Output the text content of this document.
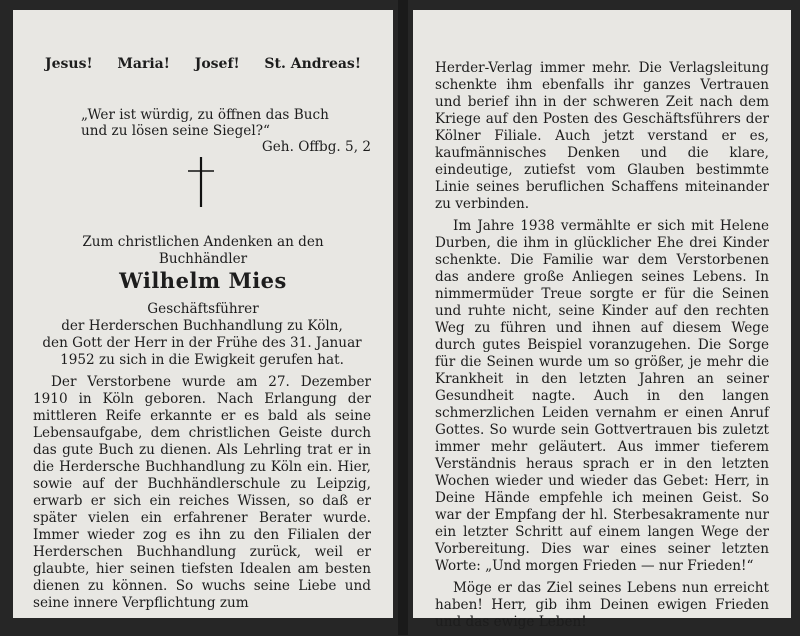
Jesus! Maria! Josef! St. Andreas!
„Wer ist würdig, zu öffnen das Buch
und zu lösen seine Siegel?“
Geh. Offbg. 5, 2
Zum christlichen Andenken an den
Buchhändler
Wilhelm Mies
Geschäftsführer

der Herderschen Buchhandlung zu Köln,

den Gott der Herr in der Frühe des 31. Januar

1952 zu sich in die Ewigkeit gerufen hat.

Der Verstorbene wurde am 27. Dezember 1910 in Köln geboren. Nach Erlangung der mittleren Reife erkannte er es bald als seine Lebensaufgabe, dem christlichen Geiste durch das gute Buch zu dienen. Als Lehrling trat er in die Herdersche Buchhandlung zu Köln ein. Hier, sowie auf der Buchhändlerschule zu Leipzig, erwarb er sich ein reiches Wissen, so daß er später vielen ein erfahrener Berater wurde. Immer wieder zog es ihn zu den Filialen der Herderschen Buchhandlung zurück, weil er glaubte, hier seinen tiefsten Idealen am besten dienen zu können. So wuchs seine Liebe und seine innere Verpflichtung zum

Herder-Verlag immer mehr. Die Verlagsleitung schenkte ihm ebenfalls ihr ganzes Vertrauen und berief ihn in der schweren Zeit nach dem Kriege auf den Posten des Geschäftsführers der Kölner Filiale. Auch jetzt verstand er es, kaufmännisches Denken und die klare, eindeutige, zutiefst vom Glauben bestimmte Linie seines beruflichen Schaffens miteinander zu verbinden.

Im Jahre 1938 vermählte er sich mit Helene Durben, die ihm in glücklicher Ehe drei Kinder schenkte. Die Familie war dem Verstorbenen das andere große Anliegen seines Lebens. In nimmermüder Treue sorgte er für die Seinen und ruhte nicht, seine Kinder auf den rechten Weg zu führen und ihnen auf diesem Wege durch gutes Beispiel voranzugehen. Die Sorge für die Seinen wurde um so größer, je mehr die Krankheit in den letzten Jahren an seiner Gesundheit nagte. Auch in den langen schmerzlichen Leiden vernahm er einen Anruf Gottes. So wurde sein Gottvertrauen bis zuletzt immer mehr geläutert. Aus immer tieferem Verständnis heraus sprach er in den letzten Wochen wieder und wieder das Gebet: Herr, in Deine Hände empfehle ich meinen Geist. So war der Empfang der hl. Sterbesakramente nur ein letzter Schritt auf einem langen Wege der Vorbereitung. Dies war eines seiner letzten Worte: „Und morgen Frieden — nur Frieden!“

Möge er das Ziel seines Lebens nun erreicht haben! Herr, gib ihm Deinen ewigen Frieden und das ewige Leben!
